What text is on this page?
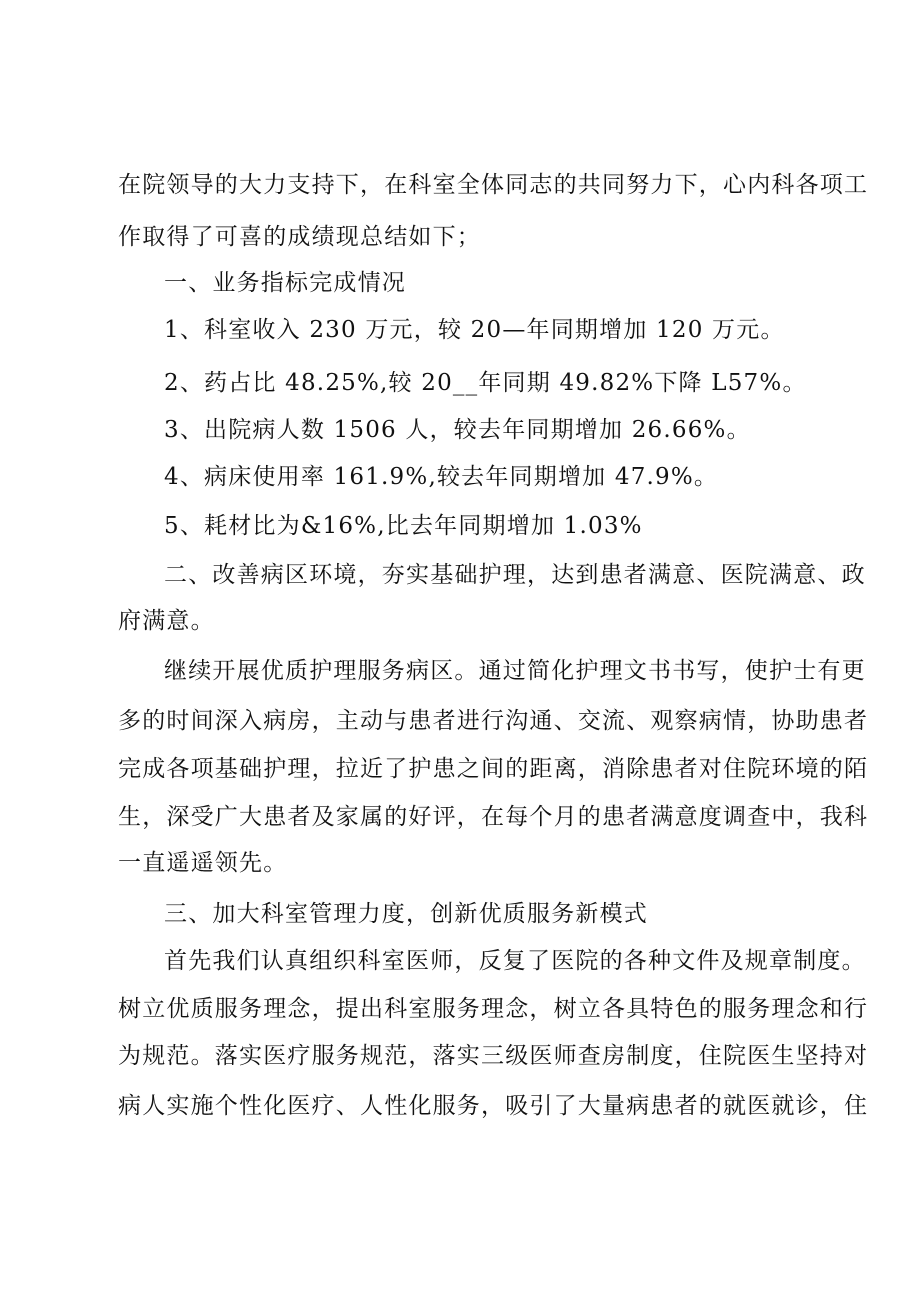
在院领导的大力支持下，在科室全体同志的共同努力下，心内科各项工
作取得了可喜的成绩现总结如下；
一、业务指标完成情况
1、科室收入 230 万元，较 20—年同期增加 120 万元。
2、药占比 48.25%,较 20__年同期 49.82%下降 L57%。
3、出院病人数 1506 人，较去年同期增加 26.66%。
4、病床使用率 161.9%,较去年同期增加 47.9%。
5、耗材比为&16%,比去年同期增加 1.03%
二、改善病区环境，夯实基础护理，达到患者满意、医院满意、政
府满意。
继续开展优质护理服务病区。通过简化护理文书书写，使护士有更
多的时间深入病房，主动与患者进行沟通、交流、观察病情，协助患者
完成各项基础护理，拉近了护患之间的距离，消除患者对住院环境的陌
生，深受广大患者及家属的好评，在每个月的患者满意度调查中，我科
一直遥遥领先。
三、加大科室管理力度，创新优质服务新模式
首先我们认真组织科室医师，反复了医院的各种文件及规章制度。
树立优质服务理念，提出科室服务理念，树立各具特色的服务理念和行
为规范。落实医疗服务规范，落实三级医师查房制度，住院医生坚持对
病人实施个性化医疗、人性化服务，吸引了大量病患者的就医就诊，住
